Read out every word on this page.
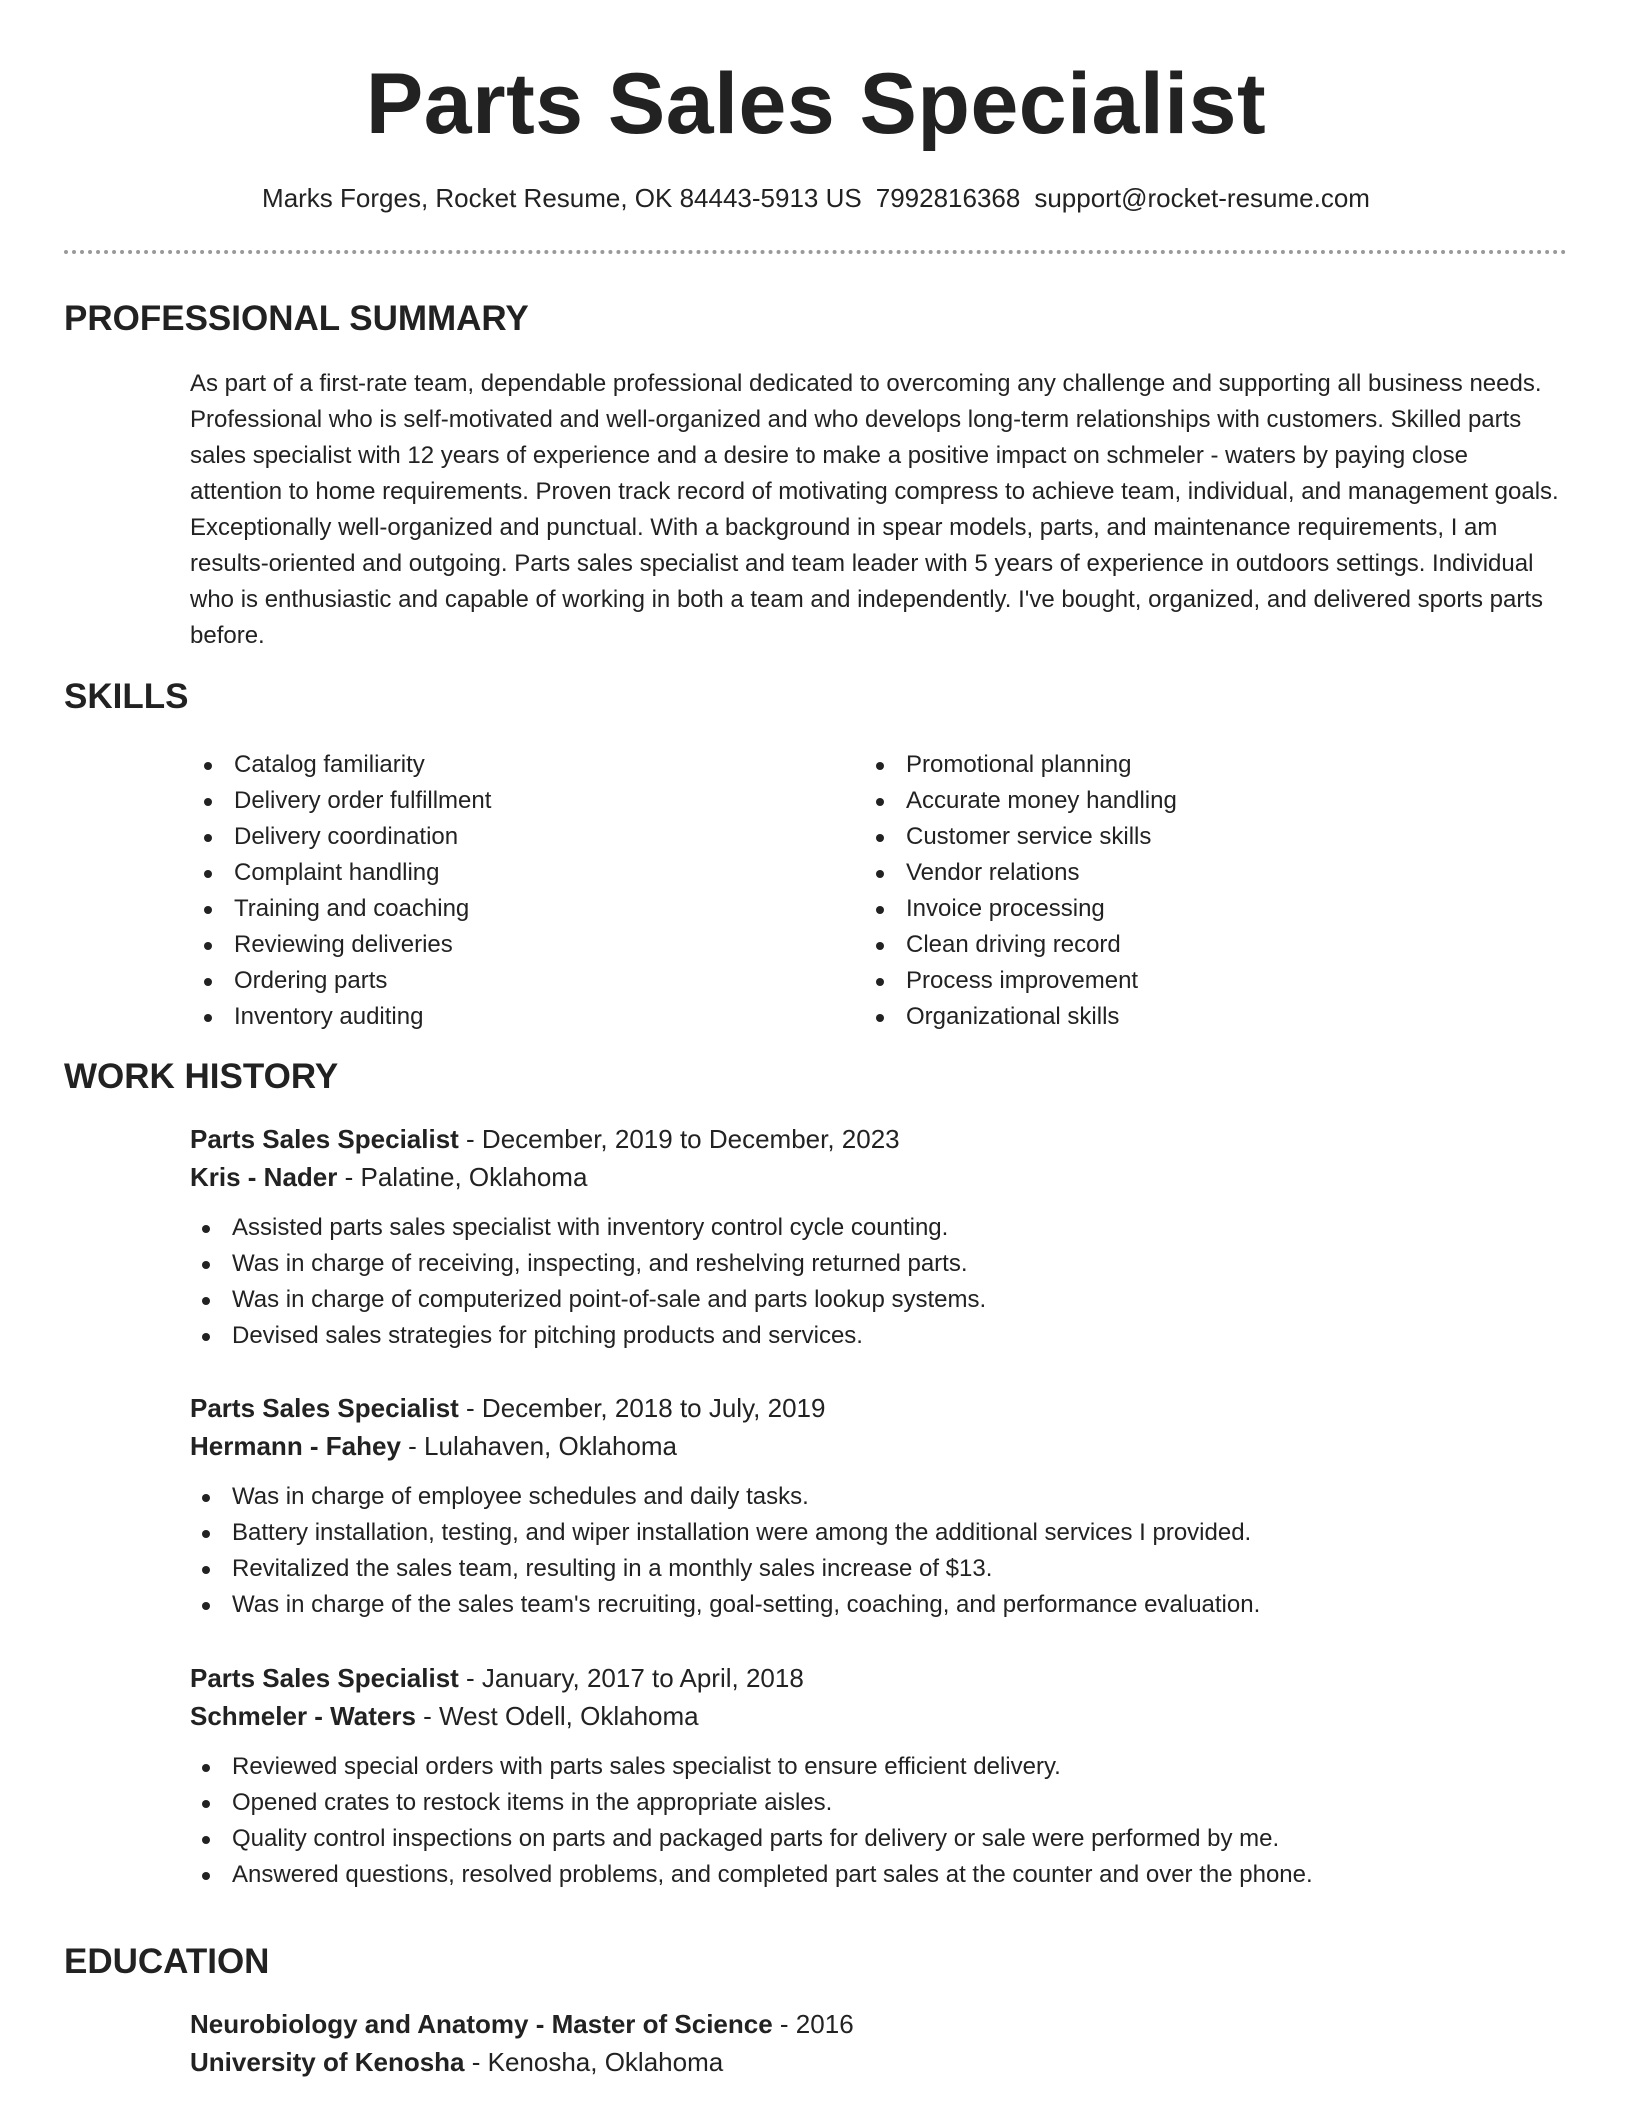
Parts Sales Specialist
Marks Forges, Rocket Resume, OK 84443-5913 US 7992816368 support@rocket-resume.com
PROFESSIONAL SUMMARY

As part of a first-rate team, dependable professional dedicated to overcoming any challenge and supporting all business needs. Professional who is self-motivated and well-organized and who develops long-term relationships with customers. Skilled parts sales specialist with 12 years of experience and a desire to make a positive impact on schmeler - waters by paying close attention to home requirements. Proven track record of motivating compress to achieve team, individual, and management goals. Exceptionally well-organized and punctual. With a background in spear models, parts, and maintenance requirements, I am results-oriented and outgoing. Parts sales specialist and team leader with 5 years of experience in outdoors settings. Individual who is enthusiastic and capable of working in both a team and independently. I've bought, organized, and delivered sports parts before.

SKILLS
Catalog familiarity
Delivery order fulfillment
Delivery coordination
Complaint handling
Training and coaching
Reviewing deliveries
Ordering parts
Inventory auditing
Promotional planning
Accurate money handling
Customer service skills
Vendor relations
Invoice processing
Clean driving record
Process improvement
Organizational skills
WORK HISTORY
Parts Sales Specialist - December, 2019 to December, 2023
Kris - Nader - Palatine, Oklahoma
Assisted parts sales specialist with inventory control cycle counting.
Was in charge of receiving, inspecting, and reshelving returned parts.
Was in charge of computerized point-of-sale and parts lookup systems.
Devised sales strategies for pitching products and services.
Parts Sales Specialist - December, 2018 to July, 2019
Hermann - Fahey - Lulahaven, Oklahoma
Was in charge of employee schedules and daily tasks.
Battery installation, testing, and wiper installation were among the additional services I provided.
Revitalized the sales team, resulting in a monthly sales increase of $13.
Was in charge of the sales team's recruiting, goal-setting, coaching, and performance evaluation.
Parts Sales Specialist - January, 2017 to April, 2018
Schmeler - Waters - West Odell, Oklahoma
Reviewed special orders with parts sales specialist to ensure efficient delivery.
Opened crates to restock items in the appropriate aisles.
Quality control inspections on parts and packaged parts for delivery or sale were performed by me.
Answered questions, resolved problems, and completed part sales at the counter and over the phone.
EDUCATION
Neurobiology and Anatomy - Master of Science - 2016
University of Kenosha - Kenosha, Oklahoma
